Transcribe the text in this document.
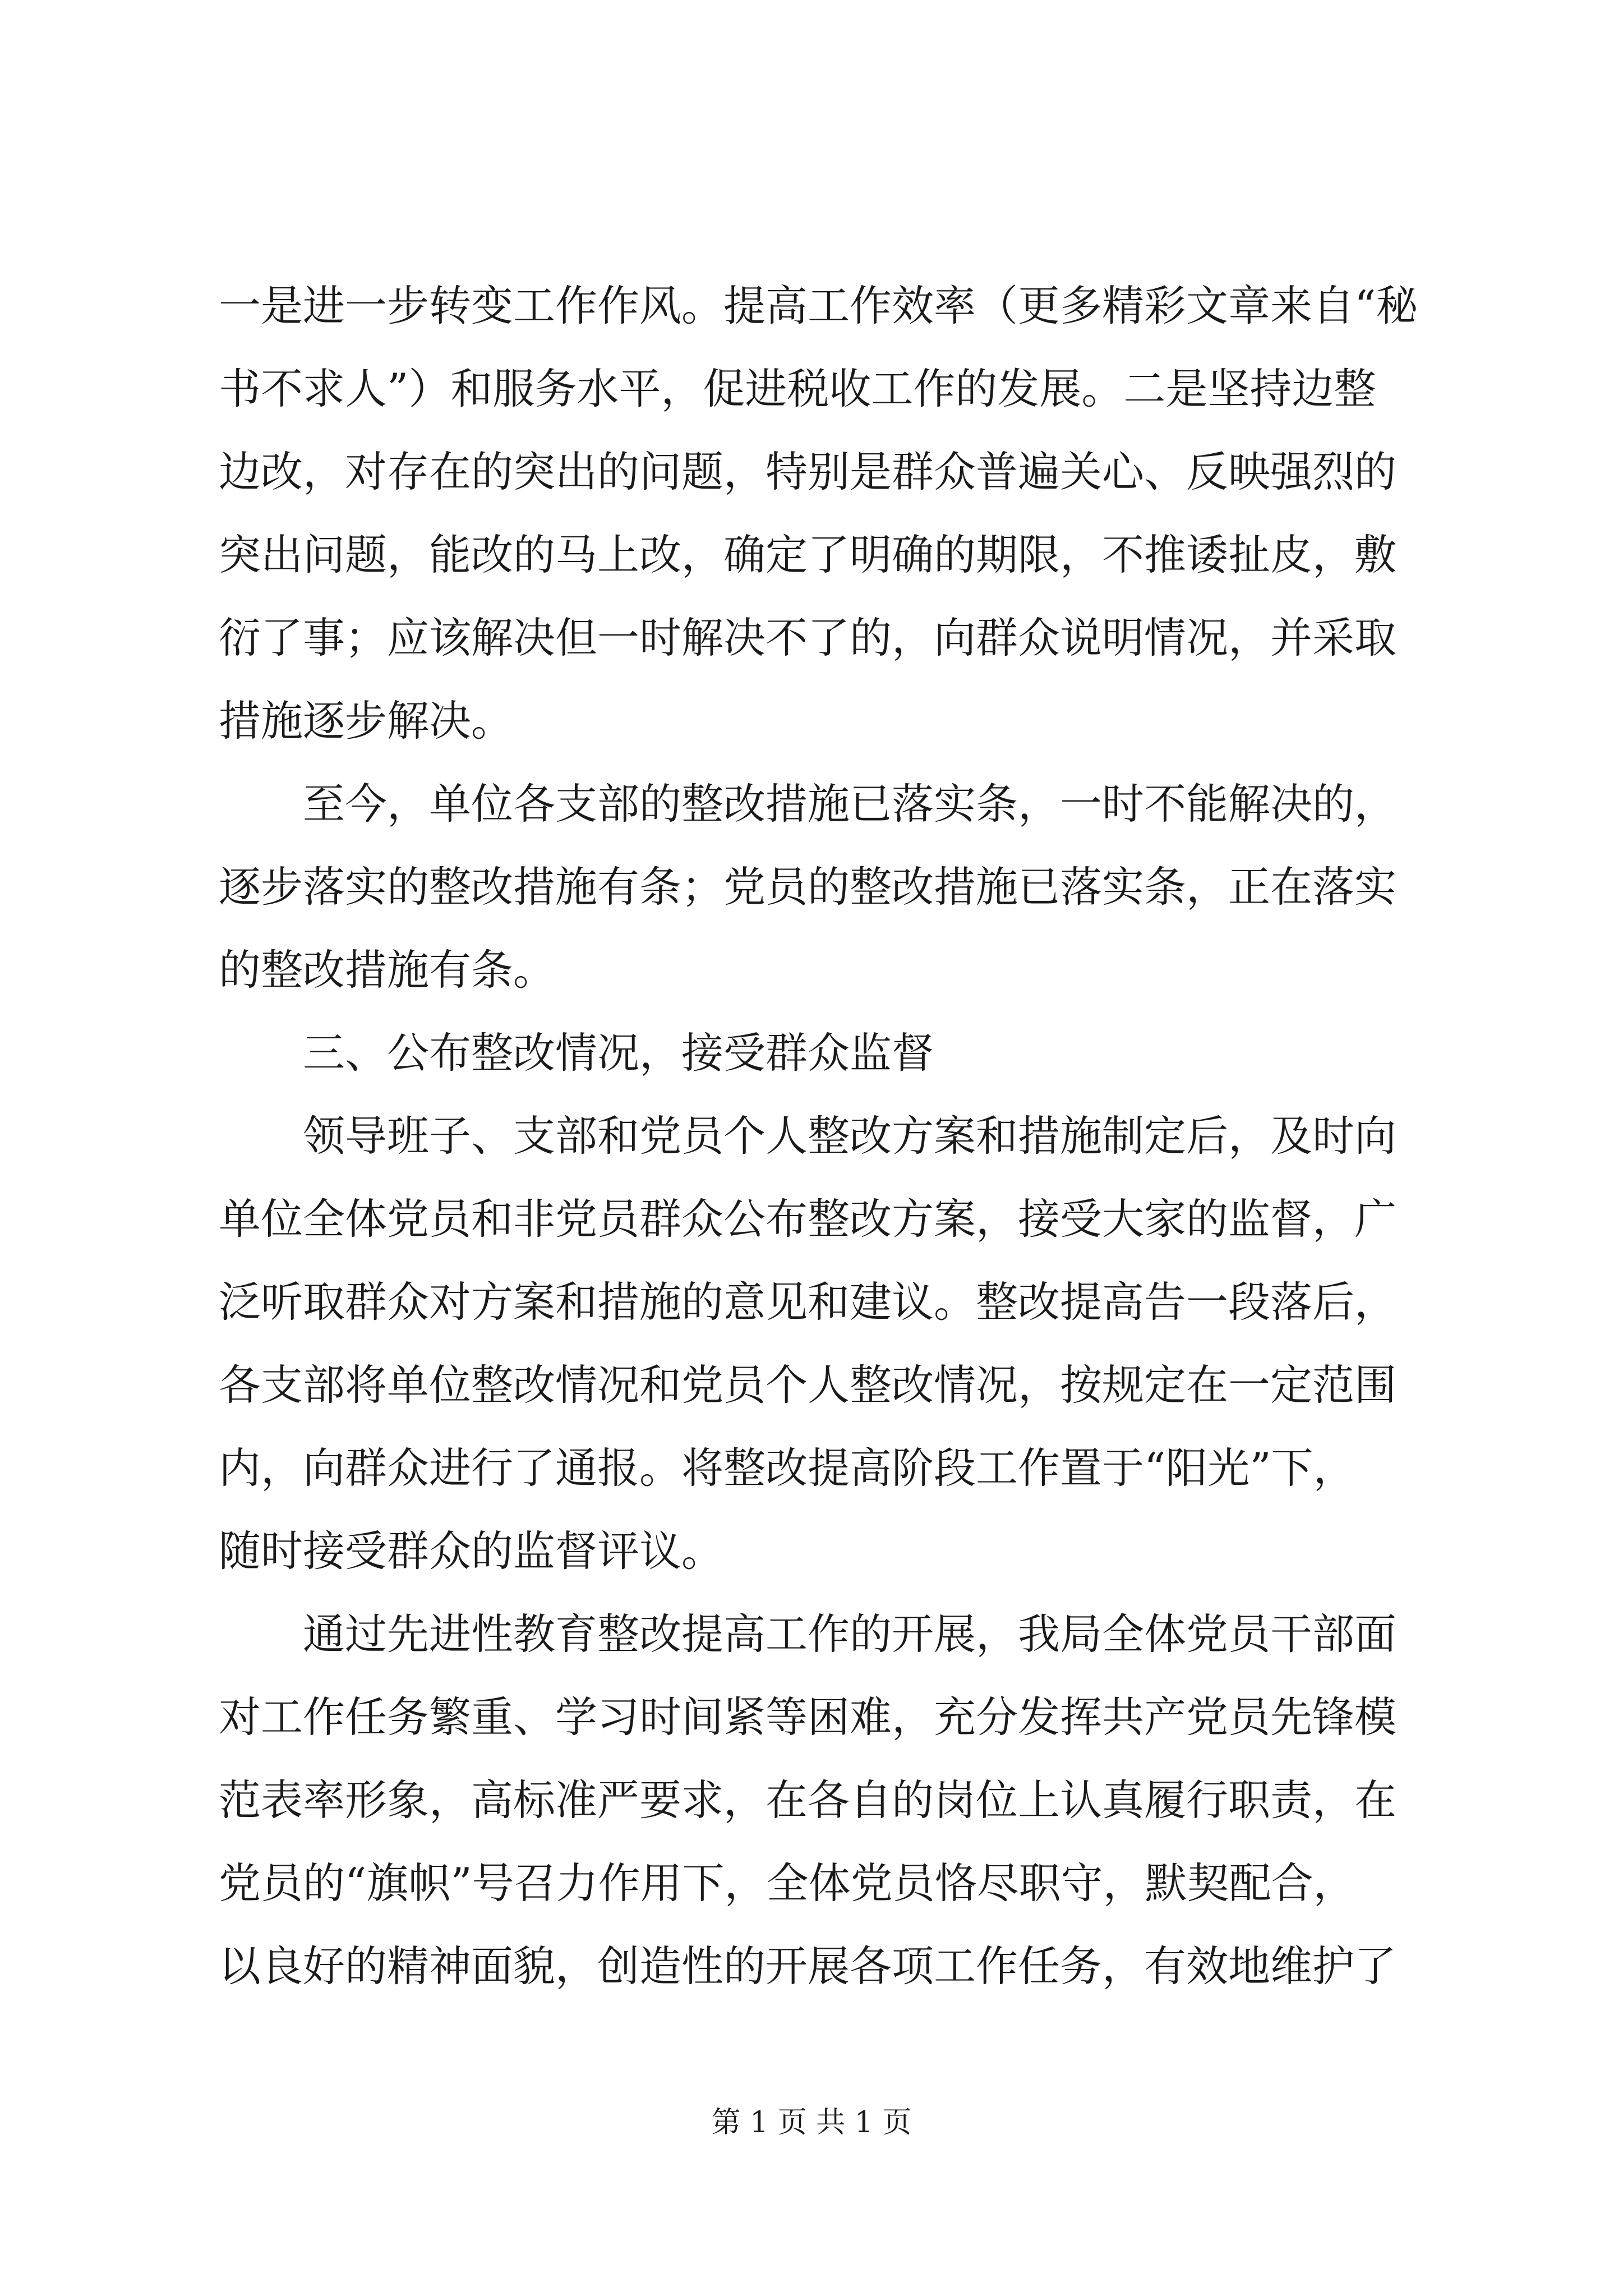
一是进一步转变工作作风。提高工作效率（更多精彩文章来自“秘
书不求人”）和服务水平，促进税收工作的发展。二是坚持边整
边改，对存在的突出的问题，特别是群众普遍关心、反映强烈的
突出问题，能改的马上改，确定了明确的期限，不推诿扯皮，敷
衍了事；应该解决但一时解决不了的，向群众说明情况，并采取
措施逐步解决。
至今，单位各支部的整改措施已落实条，一时不能解决的，
逐步落实的整改措施有条；党员的整改措施已落实条，正在落实
的整改措施有条。
三、公布整改情况，接受群众监督
领导班子、支部和党员个人整改方案和措施制定后，及时向
单位全体党员和非党员群众公布整改方案，接受大家的监督，广
泛听取群众对方案和措施的意见和建议。整改提高告一段落后，
各支部将单位整改情况和党员个人整改情况，按规定在一定范围
内，向群众进行了通报。将整改提高阶段工作置于“阳光”下，
随时接受群众的监督评议。
通过先进性教育整改提高工作的开展，我局全体党员干部面
对工作任务繁重、学习时间紧等困难，充分发挥共产党员先锋模
范表率形象，高标准严要求，在各自的岗位上认真履行职责，在
党员的“旗帜”号召力作用下，全体党员恪尽职守，默契配合，
以良好的精神面貌，创造性的开展各项工作任务，有效地维护了
第 1 页 共 1 页
